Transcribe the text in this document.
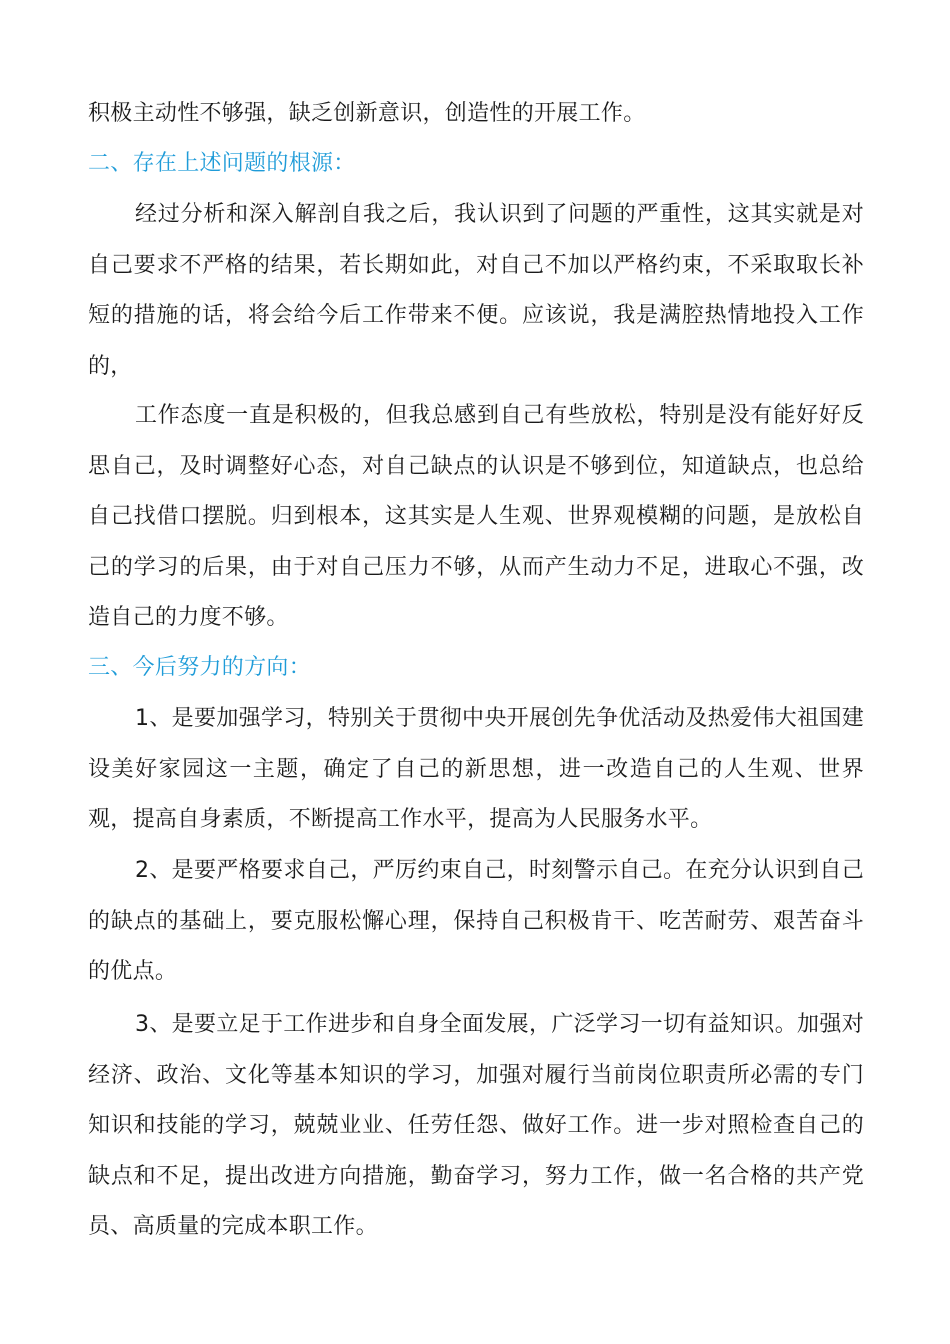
积极主动性不够强，缺乏创新意识，创造性的开展工作。

二、存在上述问题的根源：

经过分析和深入解剖自我之后，我认识到了问题的严重性，这其实就是对自己要求不严格的结果，若长期如此，对自己不加以严格约束，不采取取长补短的措施的话，将会给今后工作带来不便。应该说，我是满腔热情地投入工作的，

工作态度一直是积极的，但我总感到自己有些放松，特别是没有能好好反思自己，及时调整好心态，对自己缺点的认识是不够到位，知道缺点，也总给自己找借口摆脱。归到根本，这其实是人生观、世界观模糊的问题，是放松自己的学习的后果，由于对自己压力不够，从而产生动力不足，进取心不强，改造自己的力度不够。

三、今后努力的方向：

1、是要加强学习，特别关于贯彻中央开展创先争优活动及热爱伟大祖国建设美好家园这一主题，确定了自己的新思想，进一改造自己的人生观、世界观，提高自身素质，不断提高工作水平，提高为人民服务水平。

2、是要严格要求自己，严厉约束自己，时刻警示自己。在充分认识到自己的缺点的基础上，要克服松懈心理，保持自己积极肯干、吃苦耐劳、艰苦奋斗的优点。

3、是要立足于工作进步和自身全面发展，广泛学习一切有益知识。加强对经济、政治、文化等基本知识的学习，加强对履行当前岗位职责所必需的专门知识和技能的学习，兢兢业业、任劳任怨、做好工作。进一步对照检查自己的缺点和不足，提出改进方向措施，勤奋学习，努力工作，做一名合格的共产党员、高质量的完成本职工作。
